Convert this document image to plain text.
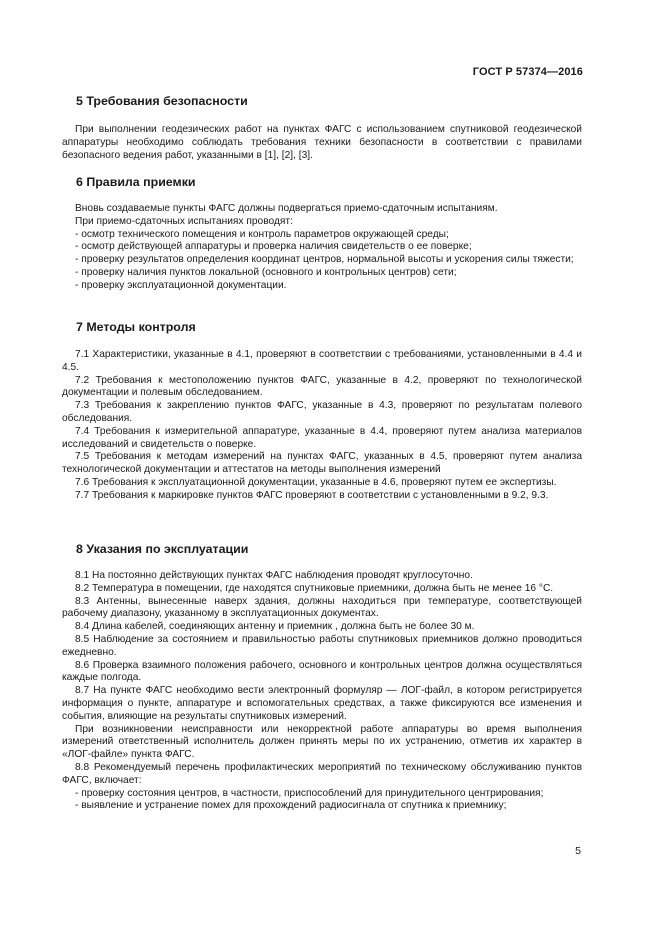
ГОСТ Р 57374—2016
5 Требования безопасности

При выполнении геодезических работ на пунктах ФАГС с использованием спутниковой геодезической аппаратуры необходимо соблюдать требования техники безопасности в соответствии с правилами безопасного ведения работ, указанными в [1], [2], [3].

6 Правила приемки

Вновь создаваемые пункты ФАГС должны подвергаться приемо-сдаточным испытаниям.

При приемо-сдаточных испытаниях проводят:

- осмотр технического помещения и контроль параметров окружающей среды;

- осмотр действующей аппаратуры и проверка наличия свидетельств о ее поверке;

- проверку результатов определения координат центров, нормальной высоты и ускорения силы тяжести;

- проверку наличия пунктов локальной (основного и контрольных центров) сети;

- проверку эксплуатационной документации.

7 Методы контроля

7.1 Характеристики, указанные в 4.1, проверяют в соответствии с требованиями, установленными в 4.4 и 4.5.

7.2 Требования к местоположению пунктов ФАГС, указанные в 4.2, проверяют по технологической документации и полевым обследованием.

7.3 Требования к закреплению пунктов ФАГС, указанные в 4.3, проверяют по результатам полевого обследования.

7.4 Требования к измерительной аппаратуре, указанные в 4.4, проверяют путем анализа материалов исследований и свидетельств о поверке.

7.5 Требования к методам измерений на пунктах ФАГС, указанных в 4.5, проверяют путем анализа технологической документации и аттестатов на методы выполнения измерений

7.6 Требования к эксплуатационной документации, указанные в 4.6, проверяют путем ее экспертизы.

7.7 Требования к маркировке пунктов ФАГС проверяют в соответствии с установленными в 9.2, 9.3.

8 Указания по эксплуатации

8.1 На постоянно действующих пунктах ФАГС наблюдения проводят круглосуточно.

8.2 Температура в помещении, где находятся спутниковые приемники, должна быть не менее 16 °С.

8.3 Антенны, вынесенные наверх здания, должны находиться при температуре, соответствующей рабочему диапазону, указанному в эксплуатационных документах.

8.4 Длина кабелей, соединяющих антенну и приемник , должна быть не более 30 м.

8.5 Наблюдение за состоянием и правильностью работы спутниковых приемников должно проводиться ежедневно.

8.6 Проверка взаимного положения рабочего, основного и контрольных центров должна осуществляться каждые полгода.

8.7 На пункте ФАГС необходимо вести электронный формуляр — ЛОГ-файл, в котором регистрируется информация о пункте, аппаратуре и вспомогательных средствах, а также фиксируются все изменения и события, влияющие на результаты спутниковых измерений.

При возникновении неисправности или некорректной работе аппаратуры во время выполнения измерений ответственный исполнитель должен принять меры по их устранению, отметив их характер в «ЛОГ-файле» пункта ФАГС.

8.8 Рекомендуемый перечень профилактических мероприятий по техническому обслуживанию пунктов ФАГС, включает:

- проверку состояния центров, в частности, приспособлений для принудительного центрирования;

- выявление и устранение помех для прохождений радиосигнала от спутника к приемнику;

5
